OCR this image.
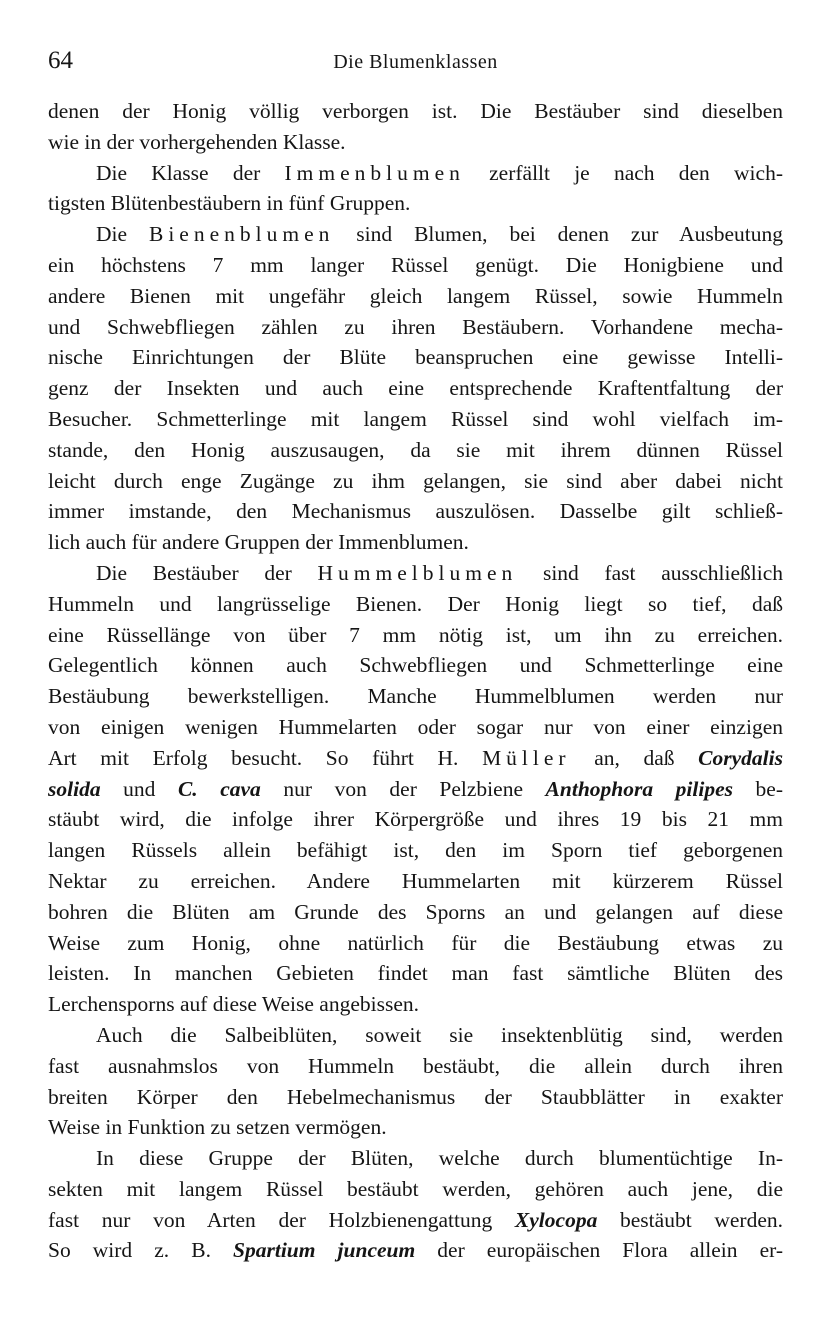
64	Die Blumenklassen
denen der Honig völlig verborgen ist. Die Bestäuber sind dieselben
wie in der vorhergehenden Klasse.
Die Klasse der Immenblumen zerfällt je nach den wich-
tigsten Blütenbestäubern in fünf Gruppen.
Die Bienenblumen sind Blumen, bei denen zur Ausbeutung
ein höchstens 7 mm langer Rüssel genügt. Die Honigbiene und
andere Bienen mit ungefähr gleich langem Rüssel, sowie Hummeln
und Schwebfliegen zählen zu ihren Bestäubern. Vorhandene mecha-
nische Einrichtungen der Blüte beanspruchen eine gewisse Intelli-
genz der Insekten und auch eine entsprechende Kraftentfaltung der
Besucher. Schmetterlinge mit langem Rüssel sind wohl vielfach im-
stande, den Honig auszusaugen, da sie mit ihrem dünnen Rüssel
leicht durch enge Zugänge zu ihm gelangen, sie sind aber dabei nicht
immer imstande, den Mechanismus auszulösen. Dasselbe gilt schließ-
lich auch für andere Gruppen der Immenblumen.
Die Bestäuber der Hummelblumen sind fast ausschließlich
Hummeln und langrüsselige Bienen. Der Honig liegt so tief, daß
eine Rüssellänge von über 7 mm nötig ist, um ihn zu erreichen.
Gelegentlich können auch Schwebfliegen und Schmetterlinge eine
Bestäubung bewerkstelligen. Manche Hummelblumen werden nur
von einigen wenigen Hummelarten oder sogar nur von einer einzigen
Art mit Erfolg besucht. So führt H. Müller an, daß Corydalis
solida und C. cava nur von der Pelzbiene Anthophora pilipes be-
stäubt wird, die infolge ihrer Körpergröße und ihres 19 bis 21 mm
langen Rüssels allein befähigt ist, den im Sporn tief geborgenen
Nektar zu erreichen. Andere Hummelarten mit kürzerem Rüssel
bohren die Blüten am Grunde des Sporns an und gelangen auf diese
Weise zum Honig, ohne natürlich für die Bestäubung etwas zu
leisten. In manchen Gebieten findet man fast sämtliche Blüten des
Lerchensporns auf diese Weise angebissen.
Auch die Salbeiblüten, soweit sie insektenblütig sind, werden
fast ausnahmslos von Hummeln bestäubt, die allein durch ihren
breiten Körper den Hebelmechanismus der Staubblätter in exakter
Weise in Funktion zu setzen vermögen.
In diese Gruppe der Blüten, welche durch blumentüchtige In-
sekten mit langem Rüssel bestäubt werden, gehören auch jene, die
fast nur von Arten der Holzbienengattung Xylocopa bestäubt werden.
So wird z. B. Spartium junceum der europäischen Flora allein er-
